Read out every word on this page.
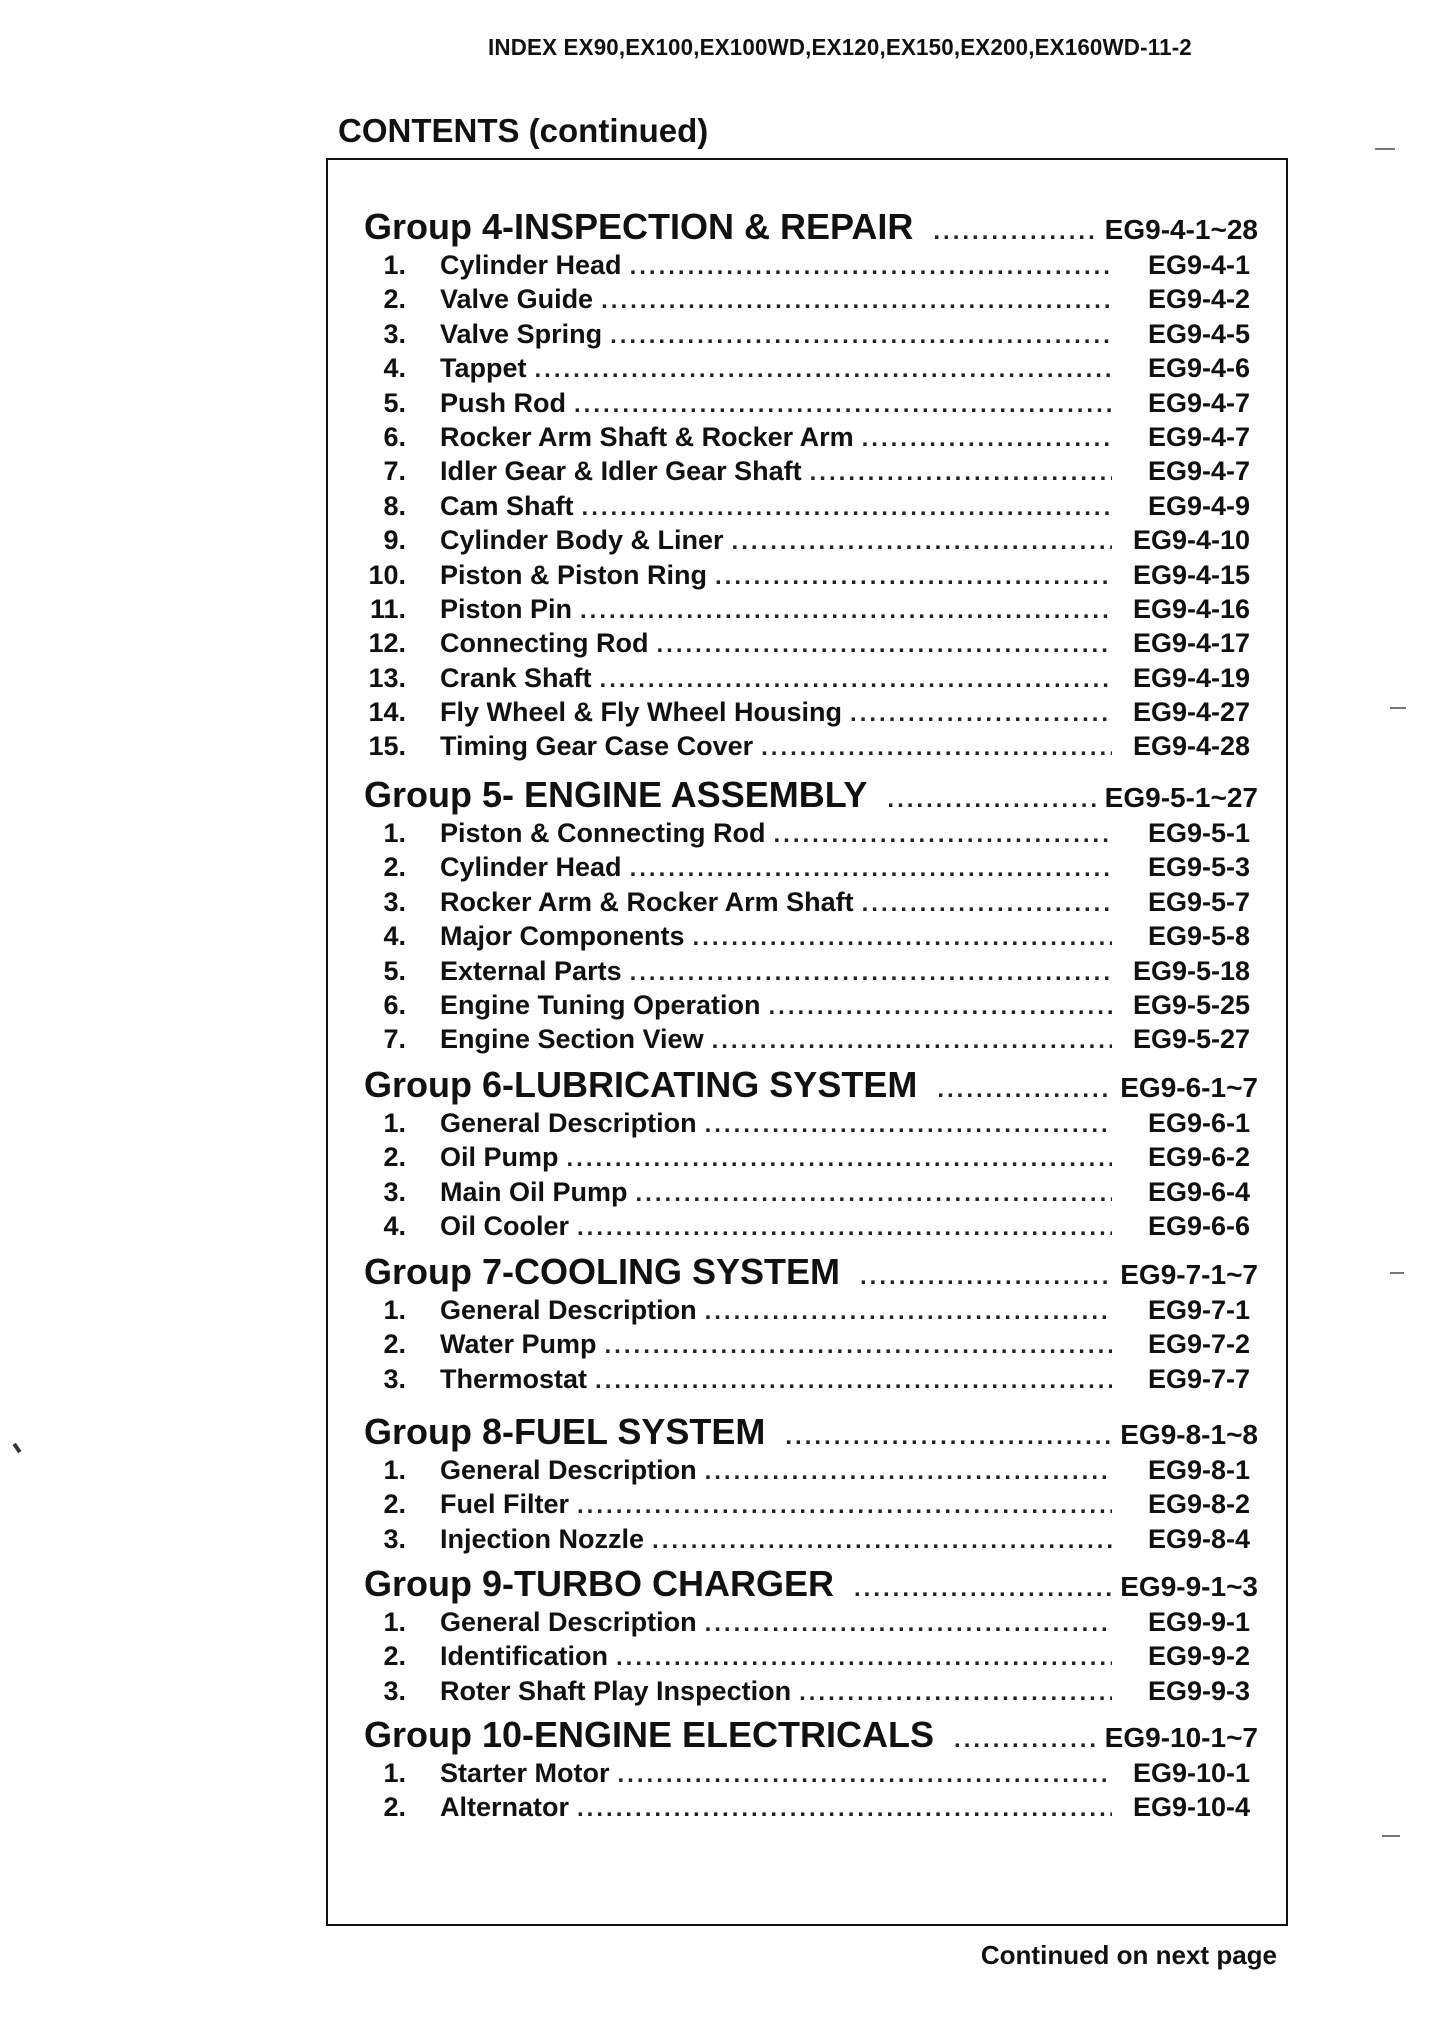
INDEX EX90,EX100,EX100WD,EX120,EX150,EX200,EX160WD-11-2
CONTENTS (continued)
Group 4-INSPECTION & REPAIR .....	EG9-4-1~28
1.	Cylinder Head .....	EG9-4-1
2.	Valve Guide .....	EG9-4-2
3.	Valve Spring .....	EG9-4-5
4.	Tappet .....	EG9-4-6
5.	Push Rod .....	EG9-4-7
6.	Rocker Arm Shaft & Rocker Arm .....	EG9-4-7
7.	Idler Gear & Idler Gear Shaft .....	EG9-4-7
8.	Cam Shaft .....	EG9-4-9
9.	Cylinder Body & Liner .....	EG9-4-10
10.	Piston & Piston Ring .....	EG9-4-15
11.	Piston Pin .....	EG9-4-16
12.	Connecting Rod .....	EG9-4-17
13.	Crank Shaft .....	EG9-4-19
14.	Fly Wheel & Fly Wheel Housing .....	EG9-4-27
15.	Timing Gear Case Cover .....	EG9-4-28
Group 5- ENGINE ASSEMBLY .....	EG9-5-1~27
1.	Piston & Connecting Rod .....	EG9-5-1
2.	Cylinder Head .....	EG9-5-3
3.	Rocker Arm & Rocker Arm Shaft .....	EG9-5-7
4.	Major Components .....	EG9-5-8
5.	External Parts .....	EG9-5-18
6.	Engine Tuning Operation .....	EG9-5-25
7.	Engine Section View .....	EG9-5-27
Group 6-LUBRICATING SYSTEM .....	EG9-6-1~7
1.	General Description .....	EG9-6-1
2.	Oil Pump .....	EG9-6-2
3.	Main Oil Pump .....	EG9-6-4
4.	Oil Cooler .....	EG9-6-6
Group 7-COOLING SYSTEM .....	EG9-7-1~7
1.	General Description .....	EG9-7-1
2.	Water Pump .....	EG9-7-2
3.	Thermostat .....	EG9-7-7
Group 8-FUEL SYSTEM .....	EG9-8-1~8
1.	General Description .....	EG9-8-1
2.	Fuel Filter .....	EG9-8-2
3.	Injection Nozzle .....	EG9-8-4
Group 9-TURBO CHARGER .....	EG9-9-1~3
1.	General Description .....	EG9-9-1
2.	Identification .....	EG9-9-2
3.	Roter Shaft Play Inspection .....	EG9-9-3
Group 10-ENGINE ELECTRICALS .....	EG9-10-1~7
1.	Starter Motor .....	EG9-10-1
2.	Alternator .....	EG9-10-4
Continued on next page
